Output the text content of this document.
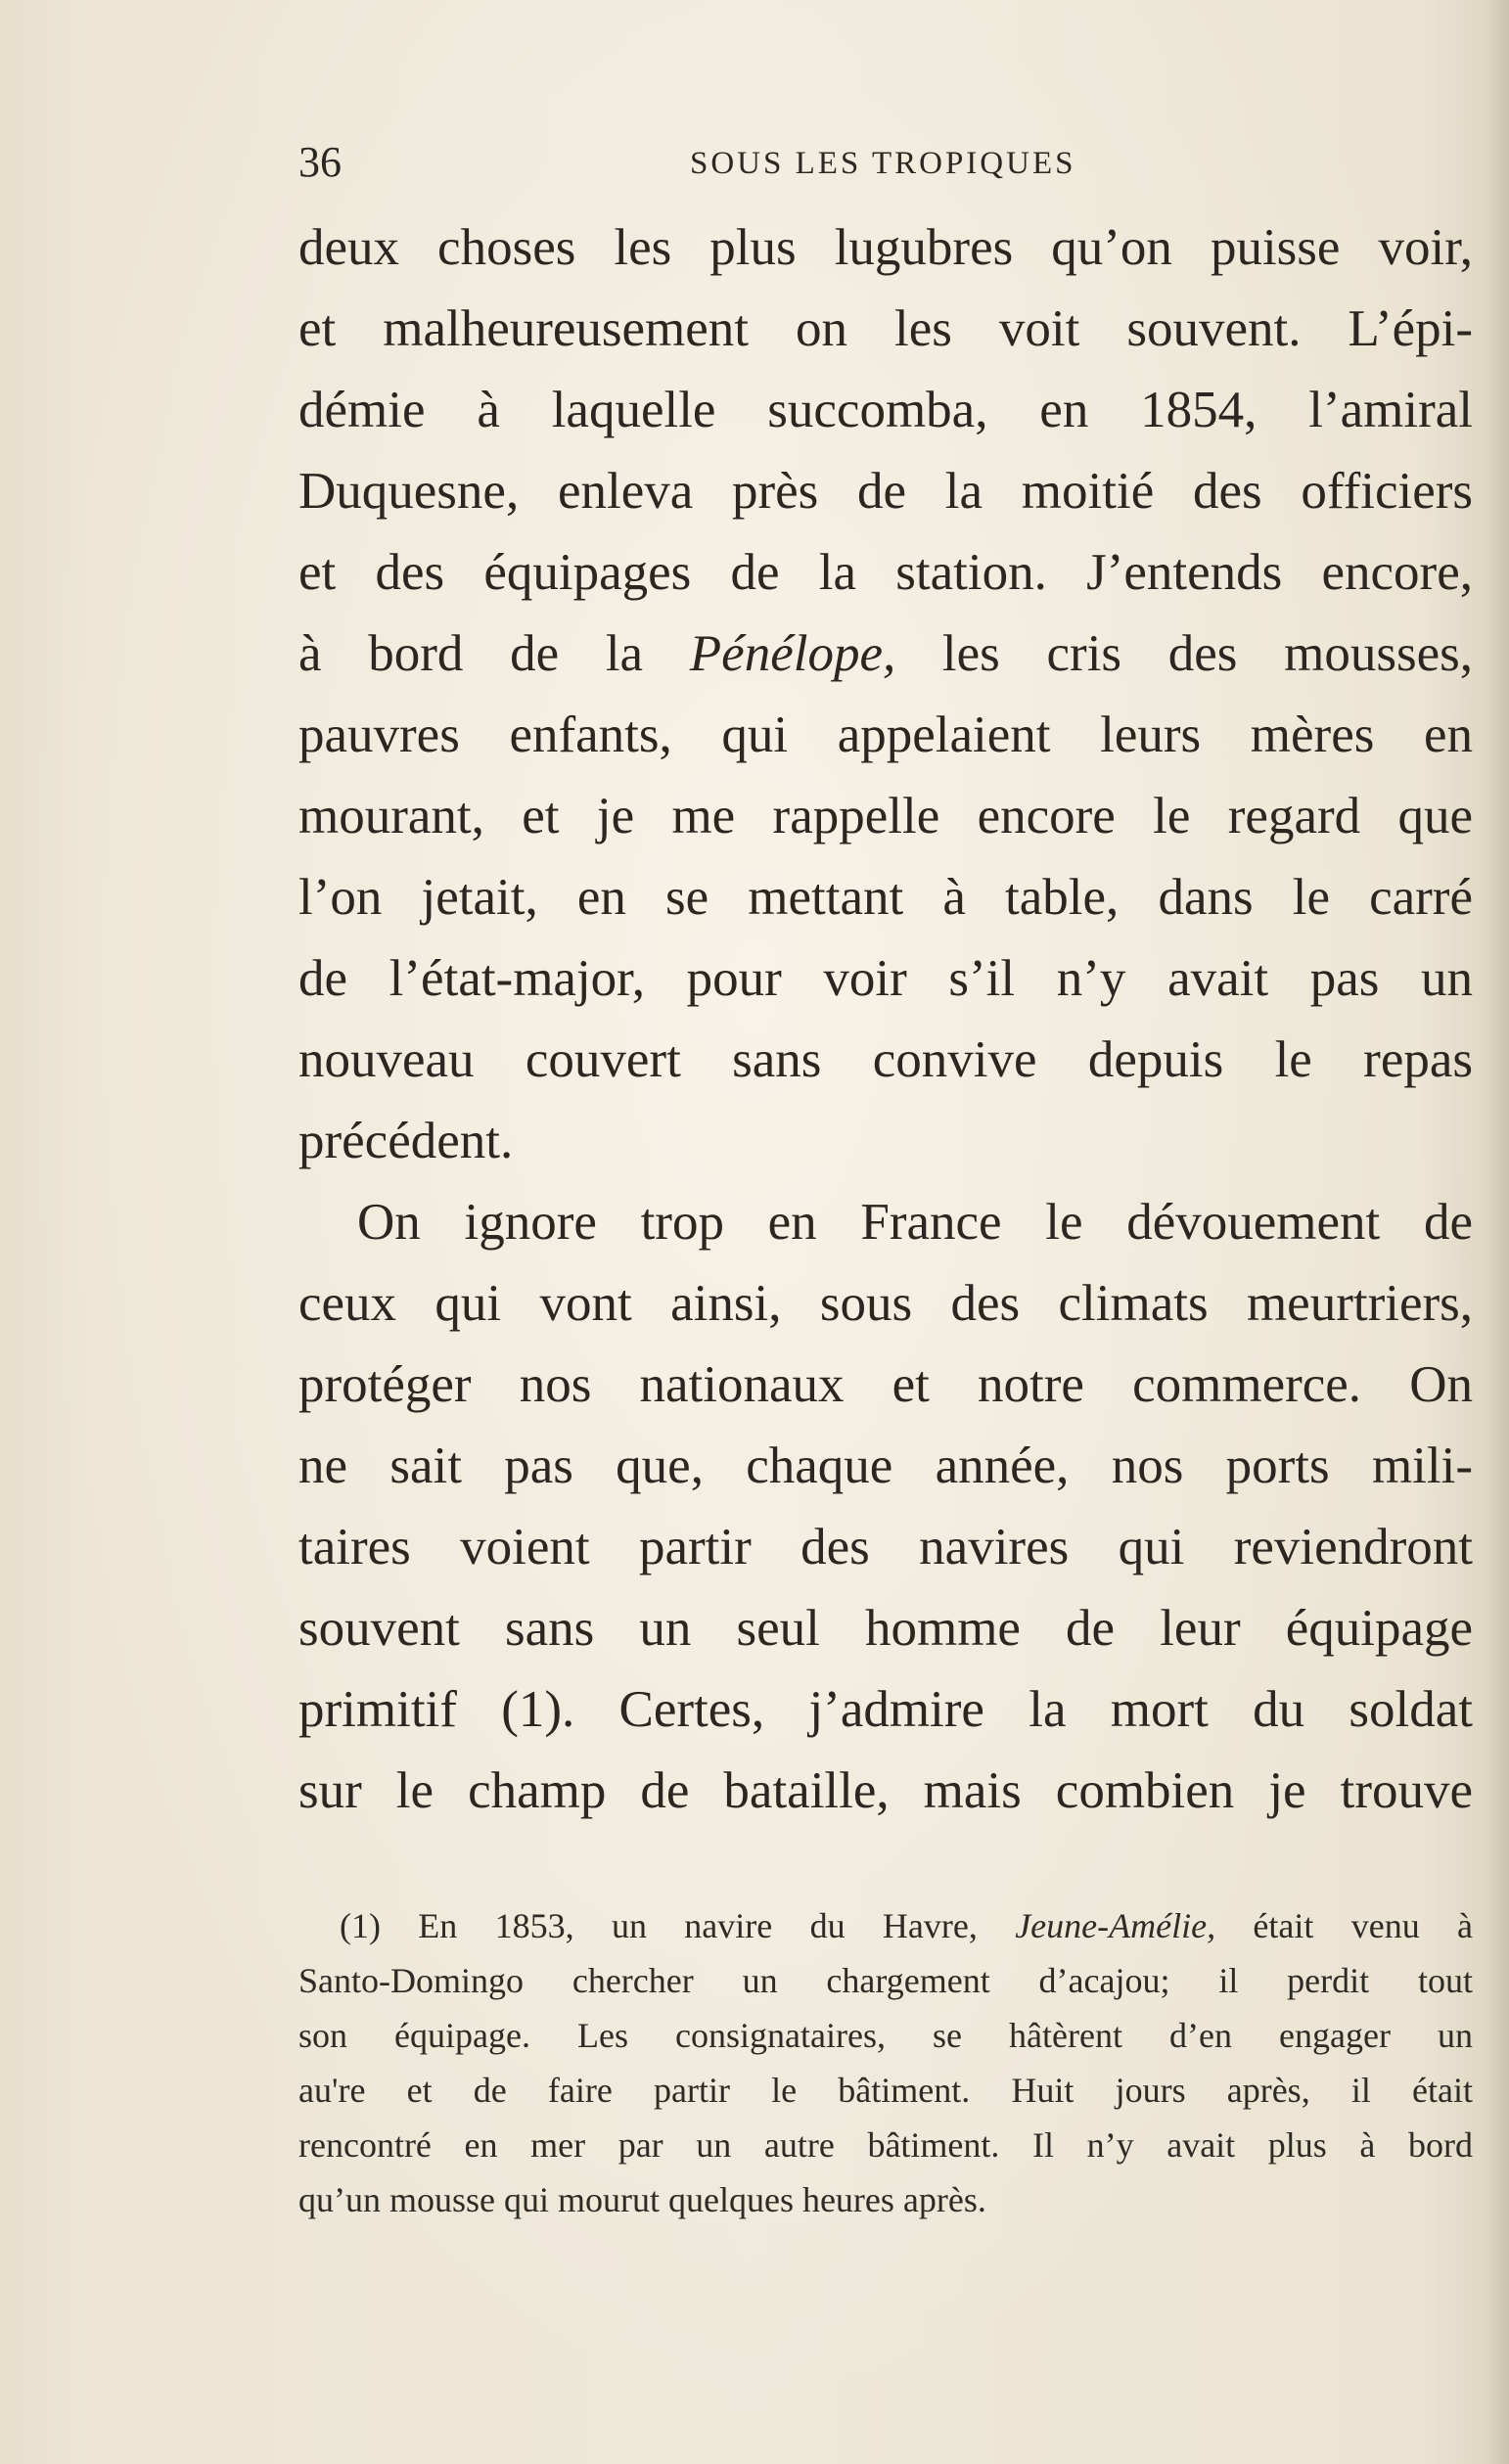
36	SOUS LES TROPIQUES
deux choses les plus lugubres qu’on puisse voir,
et malheureusement on les voit souvent. L’épi-
démie à laquelle succomba, en 1854, l’amiral
Duquesne, enleva près de la moitié des officiers
et des équipages de la station. J’entends encore,
à bord de la Pénélope, les cris des mousses,
pauvres enfants, qui appelaient leurs mères en
mourant, et je me rappelle encore le regard que
l’on jetait, en se mettant à table, dans le carré
de l’état-major, pour voir s’il n’y avait pas un
nouveau couvert sans convive depuis le repas
précédent.
On ignore trop en France le dévouement de
ceux qui vont ainsi, sous des climats meurtriers,
protéger nos nationaux et notre commerce. On
ne sait pas que, chaque année, nos ports mili-
taires voient partir des navires qui reviendront
souvent sans un seul homme de leur équipage
primitif (1). Certes, j’admire la mort du soldat
sur le champ de bataille, mais combien je trouve
(1) En 1853, un navire du Havre, Jeune-Amélie, était venu à
Santo-Domingo chercher un chargement d’acajou; il perdit tout
son équipage. Les consignataires, se hâtèrent d’en engager un
au're et de faire partir le bâtiment. Huit jours après, il était
rencontré en mer par un autre bâtiment. Il n’y avait plus à bord
qu’un mousse qui mourut quelques heures après.
